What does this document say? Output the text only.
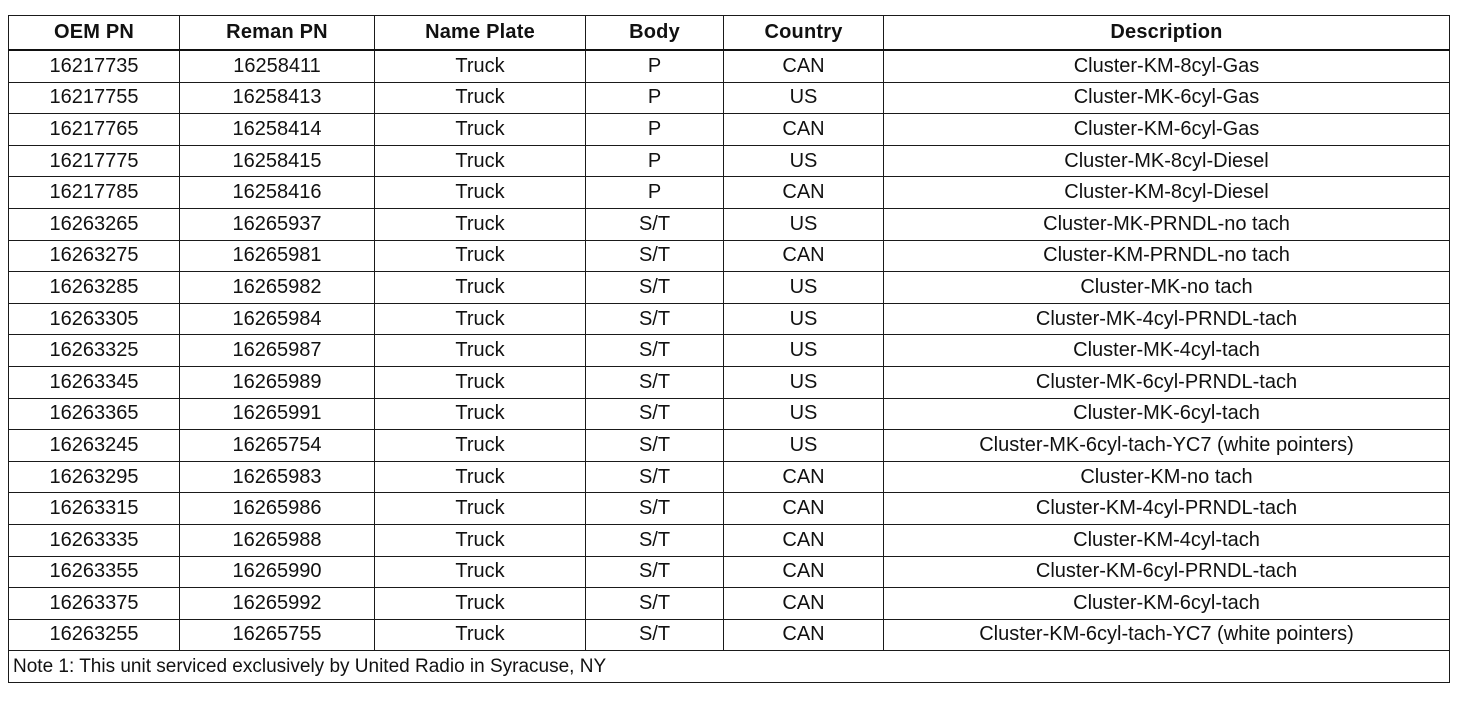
OEM PN	Reman PN	Name Plate	Body	Country	Description
16217735	16258411	Truck	P	CAN	Cluster-KM-8cyl-Gas
16217755	16258413	Truck	P	US	Cluster-MK-6cyl-Gas
16217765	16258414	Truck	P	CAN	Cluster-KM-6cyl-Gas
16217775	16258415	Truck	P	US	Cluster-MK-8cyl-Diesel
16217785	16258416	Truck	P	CAN	Cluster-KM-8cyl-Diesel
16263265	16265937	Truck	S/T	US	Cluster-MK-PRNDL-no tach
16263275	16265981	Truck	S/T	CAN	Cluster-KM-PRNDL-no tach
16263285	16265982	Truck	S/T	US	Cluster-MK-no tach
16263305	16265984	Truck	S/T	US	Cluster-MK-4cyl-PRNDL-tach
16263325	16265987	Truck	S/T	US	Cluster-MK-4cyl-tach
16263345	16265989	Truck	S/T	US	Cluster-MK-6cyl-PRNDL-tach
16263365	16265991	Truck	S/T	US	Cluster-MK-6cyl-tach
16263245	16265754	Truck	S/T	US	Cluster-MK-6cyl-tach-YC7 (white pointers)
16263295	16265983	Truck	S/T	CAN	Cluster-KM-no tach
16263315	16265986	Truck	S/T	CAN	Cluster-KM-4cyl-PRNDL-tach
16263335	16265988	Truck	S/T	CAN	Cluster-KM-4cyl-tach
16263355	16265990	Truck	S/T	CAN	Cluster-KM-6cyl-PRNDL-tach
16263375	16265992	Truck	S/T	CAN	Cluster-KM-6cyl-tach
16263255	16265755	Truck	S/T	CAN	Cluster-KM-6cyl-tach-YC7 (white pointers)
Note 1: This unit serviced exclusively by United Radio in Syracuse, NY					
